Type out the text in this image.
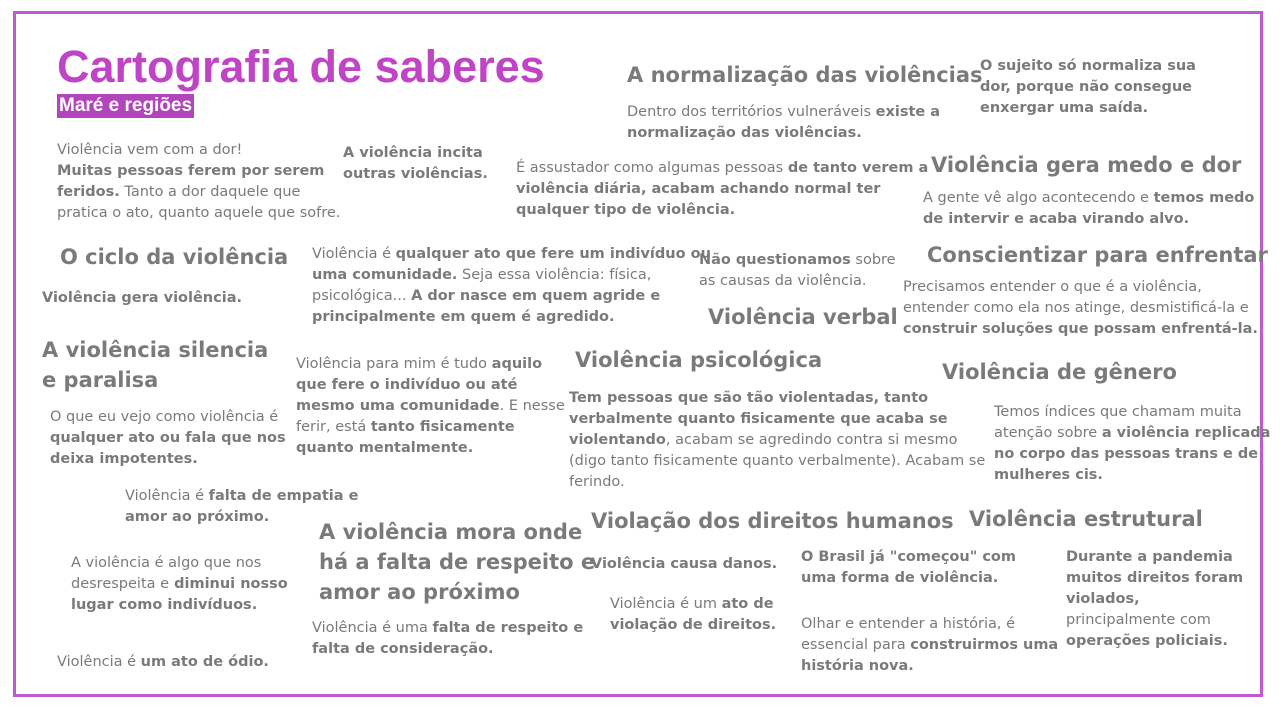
Cartografia de saberes
Maré e regiões
A normalização das violências
Violência gera medo e dor
O ciclo da violência	Conscientizar para enfrentar
Violência verbal
A violência silencia
e paralisa
Violência psicológica	Violência de gênero
A violência mora onde
há a falta de respeito e
amor ao próximo
Violação dos direitos humanos Violência estrutural
O sujeito só normaliza sua
dor, porque não consegue
enxergar uma saída.
Dentro dos territórios vulneráveis existe a
normalização das violências.
Violência vem com a dor!
Muitas pessoas ferem por serem
feridos. Tanto a dor daquele que
pratica o ato, quanto aquele que sofre.
A violência incita
outras violências. É assustador como algumas pessoas de tanto verem a
violência diária, acabam achando normal ter
qualquer tipo de violência.
A gente vê algo acontecendo e temos medo
de intervir e acaba virando alvo.
Violência gera violência.
Violência é qualquer ato que fere um indivíduo ou
uma comunidade. Seja essa violência: física,
psicológica... A dor nasce em quem agride e
principalmente em quem é agredido.
Não questionamos sobre
as causas da violência.	Precisamos entender o que é a violência,
entender como ela nos atinge, desmistificá-la e
construir soluções que possam enfrentá-la.
O que eu vejo como violência é
qualquer ato ou fala que nos
deixa impotentes.
Violência para mim é tudo aquilo
que fere o indivíduo ou até
mesmo uma comunidade. E nesse
ferir, está tanto fisicamente
quanto mentalmente.
Tem pessoas que são tão violentadas, tanto
verbalmente quanto fisicamente que acaba se
violentando, acabam se agredindo contra si mesmo
(digo tanto fisicamente quanto verbalmente). Acabam se
ferindo.
Temos índices que chamam muita
atenção sobre a violência replicada
no corpo das pessoas trans e de
mulheres cis.
Violência é falta de empatia e
amor ao próximo.
A violência é algo que nos
desrespeita e diminui nosso
lugar como indivíduos.
Violência causa danos. O Brasil já "começou" com
uma forma de violência.
Durante a pandemia
muitos direitos foram
violados,
principalmente com
operações policiais.
Violência é um ato de
violação de direitos.
Violência é uma falta de respeito e
falta de consideração.
Olhar e entender a história, é
essencial para construirmos uma
história nova.
Violência é um ato de ódio.
